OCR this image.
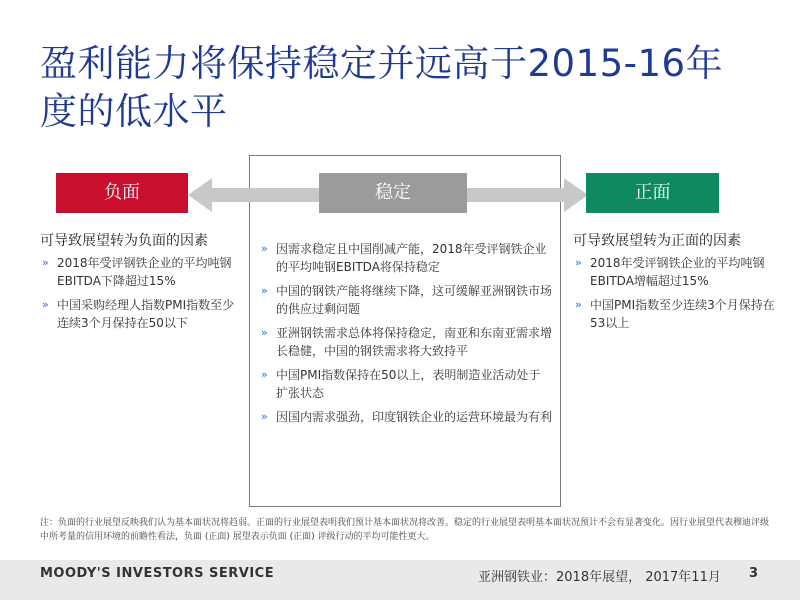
盈利能力将保持稳定并远高于2015-16年度的低水平
负面	稳定	正面
可导致展望转为负面的因素
» 2018年受评钢铁企业的平均吨钢EBITDA下降超过15%
» 中国采购经理人指数PMI指数至少连续3个月保持在50以下
» 因需求稳定且中国削减产能，2018年受评钢铁企业的平均吨钢EBITDA将保持稳定
» 中国的钢铁产能将继续下降，这可缓解亚洲钢铁市场的供应过剩问题
» 亚洲钢铁需求总体将保持稳定，南亚和东南亚需求增长稳健，中国的钢铁需求将大致持平
» 中国PMI指数保持在50以上，表明制造业活动处于扩张状态
» 因国内需求强劲，印度钢铁企业的运营环境最为有利
可导致展望转为正面的因素
» 2018年受评钢铁企业的平均吨钢EBITDA增幅超过15%
» 中国PMI指数至少连续3个月保持在53以上
注：负面的行业展望反映我们认为基本面状况将趋弱。正面的行业展望表明我们预计基本面状况将改善。稳定的行业展望表明基本面状况预计不会有显著变化。因行业展望代表穆迪评级中所考量的信用环境的前瞻性看法，负面 (正面) 展望表示负面 (正面) 评级行动的平均可能性更大。
MOODY'S INVESTORS SERVICE	亚洲钢铁业：2018年展望， 2017年11月 3
